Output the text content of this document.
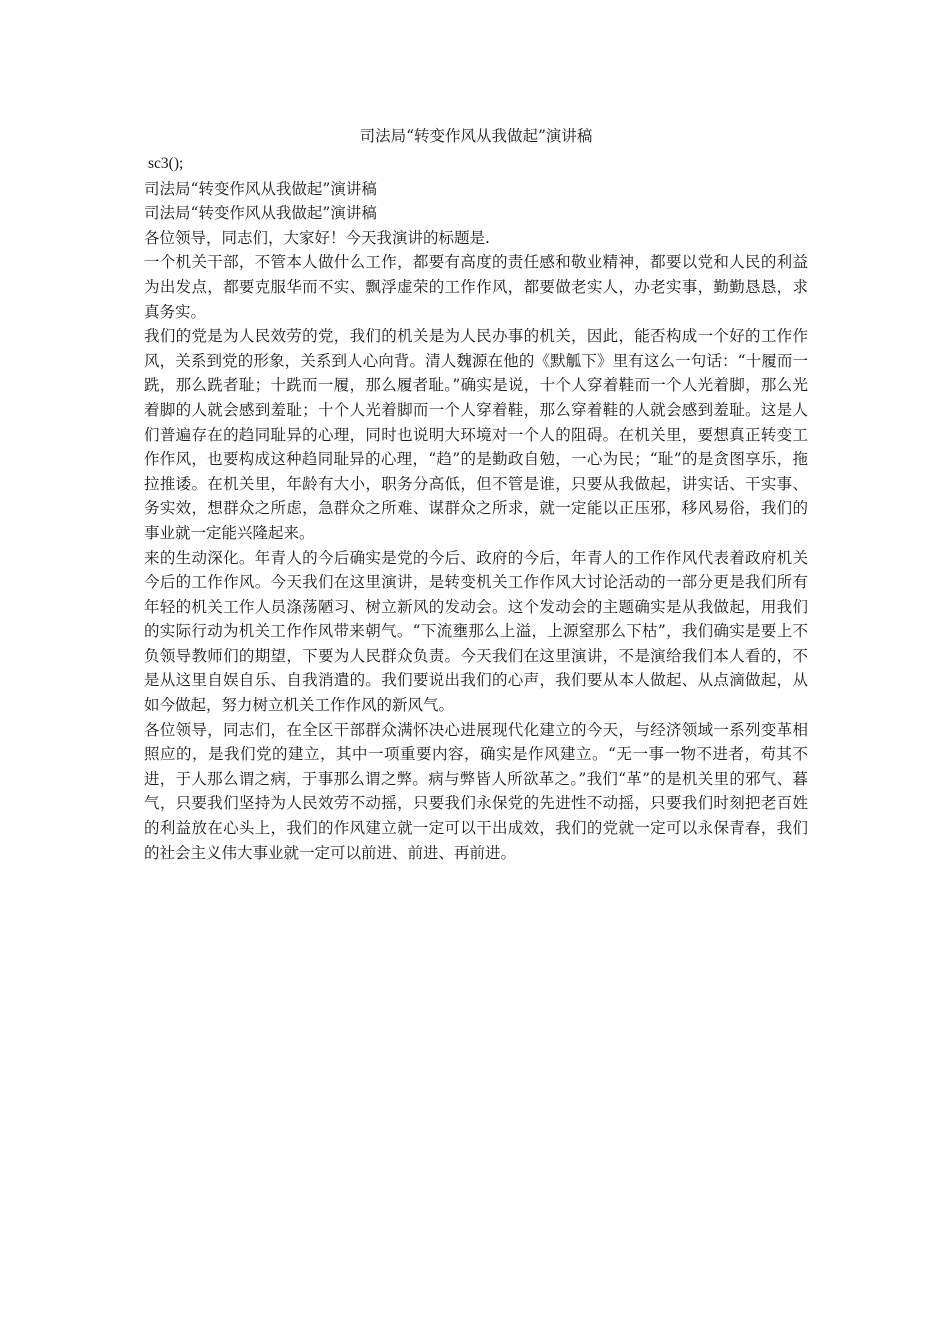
司法局“转变作风从我做起”演讲稿

sc3();

司法局“转变作风从我做起”演讲稿

司法局“转变作风从我做起”演讲稿

各位领导，同志们，大家好！今天我演讲的标题是.

一个机关干部，不管本人做什么工作，都要有高度的责任感和敬业精神，都要以党和人民的利益为出发点，都要克服华而不实、飘浮虚荣的工作作风，都要做老实人，办老实事，勤勤恳恳，求真务实。

我们的党是为人民效劳的党，我们的机关是为人民办事的机关，因此，能否构成一个好的工作作风，关系到党的形象，关系到人心向背。清人魏源在他的《默觚下》里有这么一句话：“十履而一跣，那么跣者耻；十跣而一履，那么履者耻。”确实是说，十个人穿着鞋而一个人光着脚，那么光着脚的人就会感到羞耻；十个人光着脚而一个人穿着鞋，那么穿着鞋的人就会感到羞耻。这是人们普遍存在的趋同耻异的心理，同时也说明大环境对一个人的阻碍。在机关里，要想真正转变工作作风，也要构成这种趋同耻异的心理，“趋”的是勤政自勉，一心为民；“耻”的是贪图享乐，拖拉推诿。在机关里，年龄有大小，职务分高低，但不管是谁，只要从我做起，讲实话、干实事、务实效，想群众之所虑，急群众之所难、谋群众之所求，就一定能以正压邪，移风易俗，我们的事业就一定能兴隆起来。

来的生动深化。年青人的今后确实是党的今后、政府的今后，年青人的工作作风代表着政府机关今后的工作作风。今天我们在这里演讲，是转变机关工作作风大讨论活动的一部分更是我们所有年轻的机关工作人员涤荡陋习、树立新风的发动会。这个发动会的主题确实是从我做起，用我们的实际行动为机关工作作风带来朝气。“下流壅那么上溢，上源窒那么下枯”，我们确实是要上不负领导教师们的期望，下要为人民群众负责。今天我们在这里演讲，不是演给我们本人看的，不是从这里自娱自乐、自我消遣的。我们要说出我们的心声，我们要从本人做起、从点滴做起，从如今做起，努力树立机关工作作风的新风气。

各位领导，同志们，在全区干部群众满怀决心进展现代化建立的今天，与经济领域一系列变革相照应的，是我们党的建立，其中一项重要内容，确实是作风建立。“无一事一物不进者，苟其不进，于人那么谓之病，于事那么谓之弊。病与弊皆人所欲革之。”我们“革”的是机关里的邪气、暮气，只要我们坚持为人民效劳不动摇，只要我们永保党的先进性不动摇，只要我们时刻把老百姓的利益放在心头上，我们的作风建立就一定可以干出成效，我们的党就一定可以永保青春，我们的社会主义伟大事业就一定可以前进、前进、再前进。
